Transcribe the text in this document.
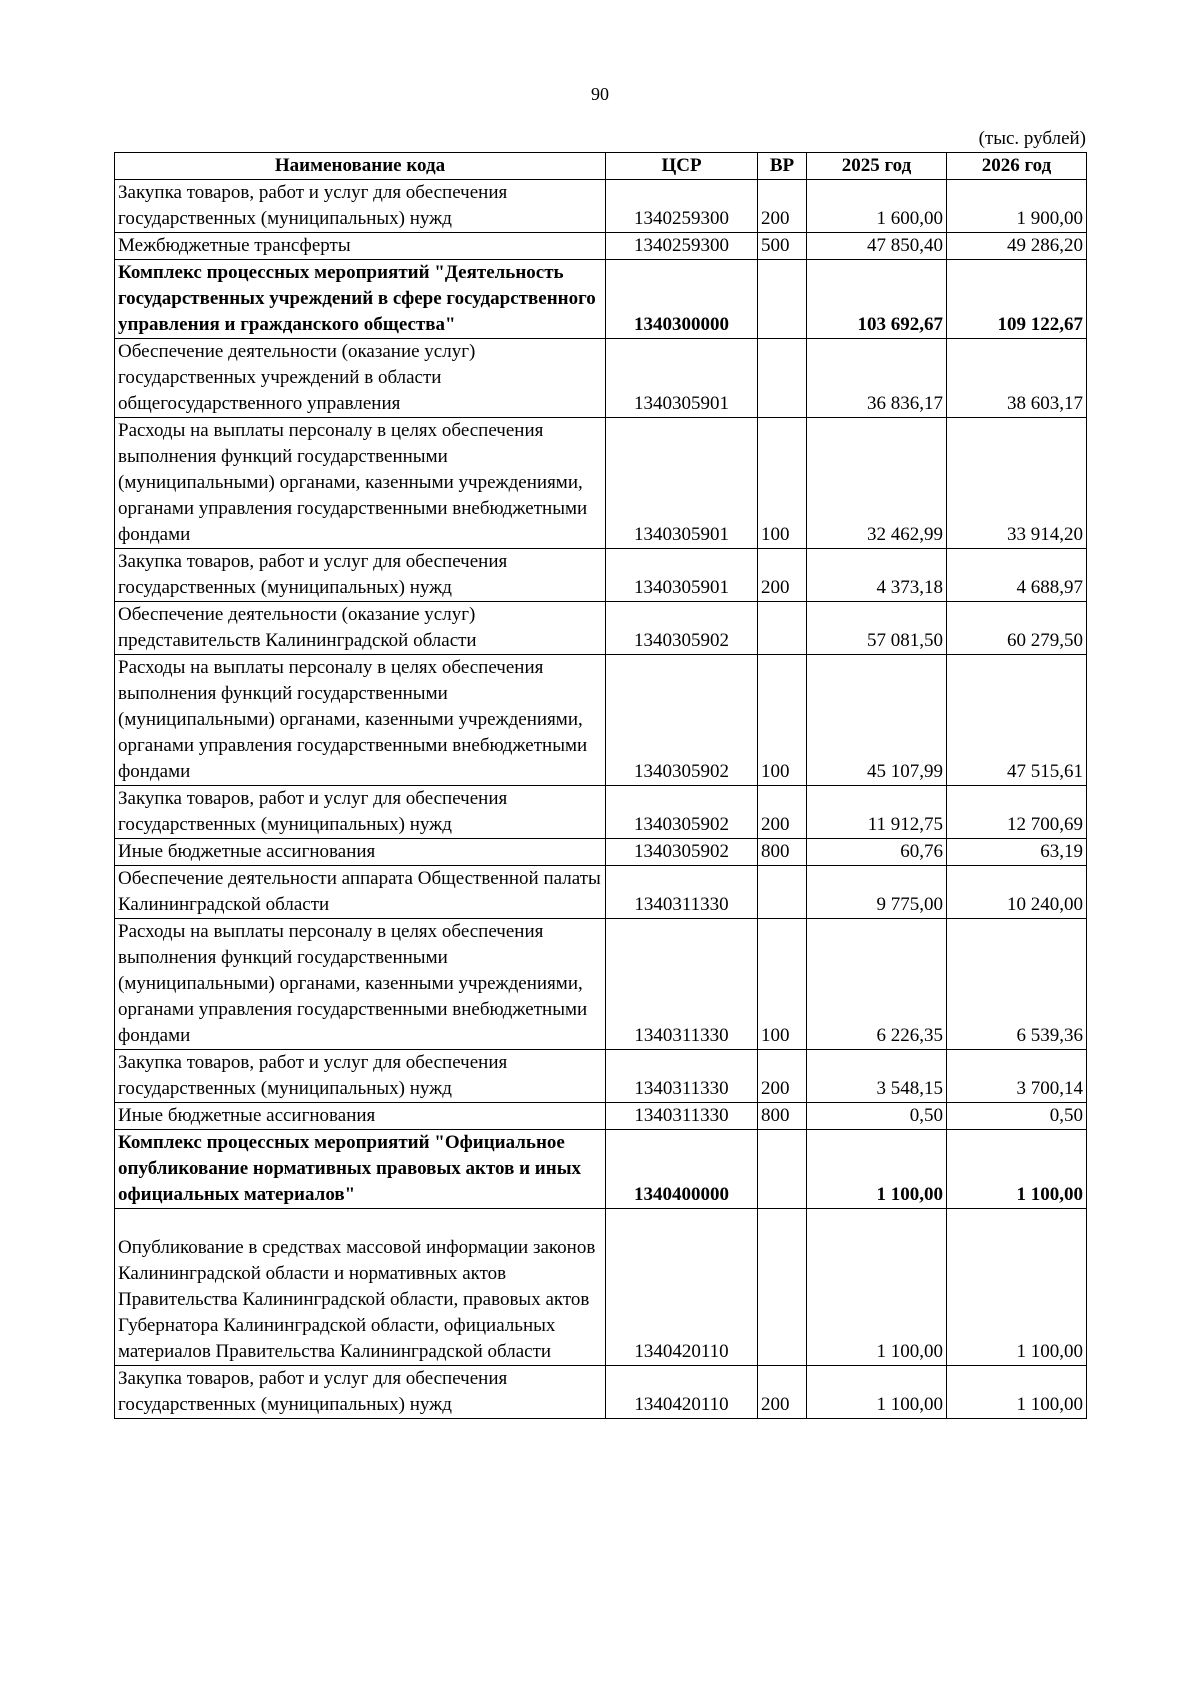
90
(тыс. рублей)
Наименование кода	ЦСР	ВР	2025 год	2026 год
Закупка товаров, работ и услуг для обеспечения государственных (муниципальных) нужд	1340259300	200	1 600,00	1 900,00
Межбюджетные трансферты	1340259300	500	47 850,40	49 286,20
Комплекс процессных мероприятий "Деятельность государственных учреждений в сфере государственного управления и гражданского общества"	1340300000		103 692,67	109 122,67
Обеспечение деятельности (оказание услуг) государственных учреждений в области общегосударственного управления	1340305901		36 836,17	38 603,17
Расходы на выплаты персоналу в целях обеспечения выполнения функций государственными (муниципальными) органами, казенными учреждениями, органами управления государственными внебюджетными фондами	1340305901	100	32 462,99	33 914,20
Закупка товаров, работ и услуг для обеспечения государственных (муниципальных) нужд	1340305901	200	4 373,18	4 688,97
Обеспечение деятельности (оказание услуг) представительств Калининградской области	1340305902		57 081,50	60 279,50
Расходы на выплаты персоналу в целях обеспечения выполнения функций государственными (муниципальными) органами, казенными учреждениями, органами управления государственными внебюджетными фондами	1340305902	100	45 107,99	47 515,61
Закупка товаров, работ и услуг для обеспечения государственных (муниципальных) нужд	1340305902	200	11 912,75	12 700,69
Иные бюджетные ассигнования	1340305902	800	60,76	63,19
Обеспечение деятельности аппарата Общественной палаты Калининградской области	1340311330		9 775,00	10 240,00
Расходы на выплаты персоналу в целях обеспечения выполнения функций государственными (муниципальными) органами, казенными учреждениями, органами управления государственными внебюджетными фондами	1340311330	100	6 226,35	6 539,36
Закупка товаров, работ и услуг для обеспечения государственных (муниципальных) нужд	1340311330	200	3 548,15	3 700,14
Иные бюджетные ассигнования	1340311330	800	0,50	0,50
Комплекс процессных мероприятий "Официальное опубликование нормативных правовых актов и иных официальных материалов"	1340400000		1 100,00	1 100,00
Опубликование в средствах массовой информации законов Калининградской области и нормативных актов Правительства Калининградской области, правовых актов Губернатора Калининградской области, официальных материалов Правительства Калининградской области	1340420110		1 100,00	1 100,00
Закупка товаров, работ и услуг для обеспечения государственных (муниципальных) нужд	1340420110	200	1 100,00	1 100,00
